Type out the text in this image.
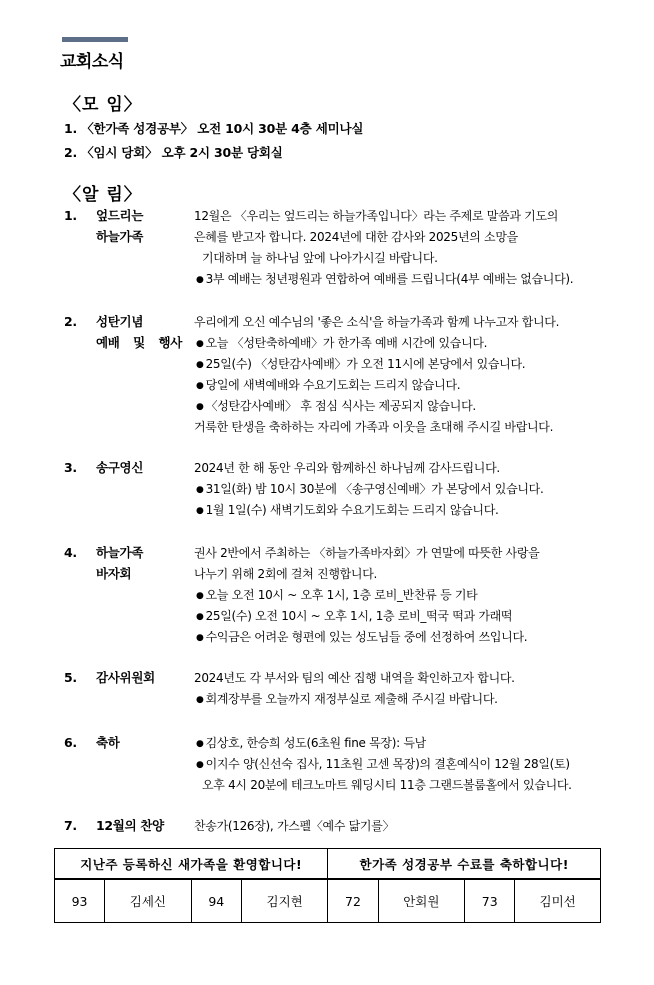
교회소식
〈모 임〉
1. 〈한가족 성경공부〉 오전 10시 30분 4층 세미나실
2. 〈임시 당회〉 오후 2시 30분 당회실
〈알 림〉
1. 엎드리는
하늘가족
12월은 〈우리는 엎드리는 하늘가족입니다〉라는 주제로 말씀과 기도의
은혜를 받고자 합니다. 2024년에 대한 감사와 2025년의 소망을
기대하며 늘 하나님 앞에 나아가시길 바랍니다.
● 3부 예배는 청년평원과 연합하여 예배를 드립니다(4부 예배는 없습니다).
2. 성탄기념
예배 및 행사
우리에게 오신 예수님의 '좋은 소식'을 하늘가족과 함께 나누고자 합니다.
● 오늘 〈성탄축하예배〉가 한가족 예배 시간에 있습니다.
● 25일(수) 〈성탄감사예배〉가 오전 11시에 본당에서 있습니다.
● 당일에 새벽예배와 수요기도회는 드리지 않습니다.
● 〈성탄감사예배〉 후 점심 식사는 제공되지 않습니다.
거룩한 탄생을 축하하는 자리에 가족과 이웃을 초대해 주시길 바랍니다.
3. 송구영신	2024년 한 해 동안 우리와 함께하신 하나님께 감사드립니다.
● 31일(화) 밤 10시 30분에 〈송구영신예배〉가 본당에서 있습니다.
● 1월 1일(수) 새벽기도회와 수요기도회는 드리지 않습니다.
4. 하늘가족
바자회
권사 2반에서 주최하는 〈하늘가족바자회〉가 연말에 따뜻한 사랑을
나누기 위해 2회에 걸쳐 진행합니다.
● 오늘 오전 10시 ~ 오후 1시, 1층 로비_반찬류 등 기타
● 25일(수) 오전 10시 ~ 오후 1시, 1층 로비_떡국 떡과 가래떡
● 수익금은 어려운 형편에 있는 성도님들 중에 선정하여 쓰입니다.
5. 감사위원회	2024년도 각 부서와 팀의 예산 집행 내역을 확인하고자 합니다.
● 회계장부를 오늘까지 재정부실로 제출해 주시길 바랍니다.
6. 축하	● 김상호, 한승희 성도(6초원 fine 목장): 득남
● 이지수 양(신선숙 집사, 11초원 고센 목장)의 결혼예식이 12월 28일(토)
오후 4시 20분에 테크노마트 웨딩시티 11층 그랜드볼룸홀에서 있습니다.
7. 12월의 찬양	찬송가(126장), 가스펠〈예수 닮기를〉
지난주 등록하신 새가족을 환영합니다!				한가족 성경공부 수료를 축하합니다!			
93	김세신	94	김지현	72	안회원	73	김미선
